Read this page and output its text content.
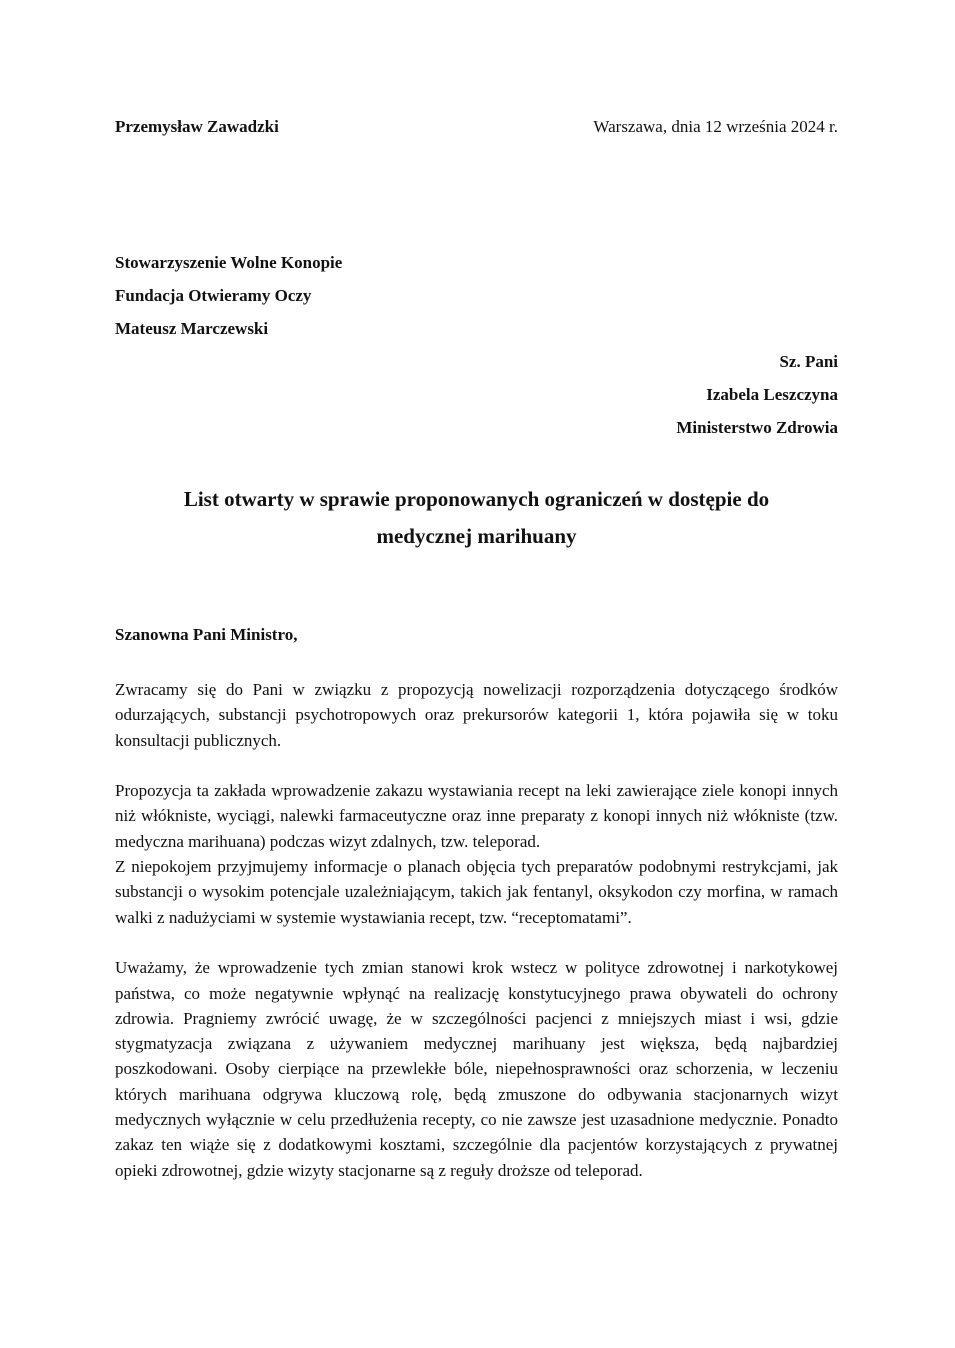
Przemysław Zawadzki	Warszawa, dnia 12 września 2024 r.
Stowarzyszenie Wolne Konopie
Fundacja Otwieramy Oczy
Mateusz Marczewski
Sz. Pani
Izabela Leszczyna
Ministerstwo Zdrowia
List otwarty w sprawie proponowanych ograniczeń w dostępie do
medycznej marihuany
Szanowna Pani Ministro,

Zwracamy się do Pani w związku z propozycją nowelizacji rozporządzenia dotyczącego środków odurzających, substancji psychotropowych oraz prekursorów kategorii 1, która pojawiła się w toku konsultacji publicznych.

Propozycja ta zakłada wprowadzenie zakazu wystawiania recept na leki zawierające ziele konopi innych niż włókniste, wyciągi, nalewki farmaceutyczne oraz inne preparaty z konopi innych niż włókniste (tzw. medyczna marihuana) podczas wizyt zdalnych, tzw. teleporad.

Z niepokojem przyjmujemy informacje o planach objęcia tych preparatów podobnymi restrykcjami, jak substancji o wysokim potencjale uzależniającym, takich jak fentanyl, oksykodon czy morfina, w ramach walki z nadużyciami w systemie wystawiania recept, tzw. “receptomatami”.

Uważamy, że wprowadzenie tych zmian stanowi krok wstecz w polityce zdrowotnej i narkotykowej państwa, co może negatywnie wpłynąć na realizację konstytucyjnego prawa obywateli do ochrony zdrowia. Pragniemy zwrócić uwagę, że w szczególności pacjenci z mniejszych miast i wsi, gdzie stygmatyzacja związana z używaniem medycznej marihuany jest większa, będą najbardziej poszkodowani. Osoby cierpiące na przewlekłe bóle, niepełnosprawności oraz schorzenia, w leczeniu których marihuana odgrywa kluczową rolę, będą zmuszone do odbywania stacjonarnych wizyt medycznych wyłącznie w celu przedłużenia recepty, co nie zawsze jest uzasadnione medycznie. Ponadto zakaz ten wiąże się z dodatkowymi kosztami, szczególnie dla pacjentów korzystających z prywatnej opieki zdrowotnej, gdzie wizyty stacjonarne są z reguły droższe od teleporad.
